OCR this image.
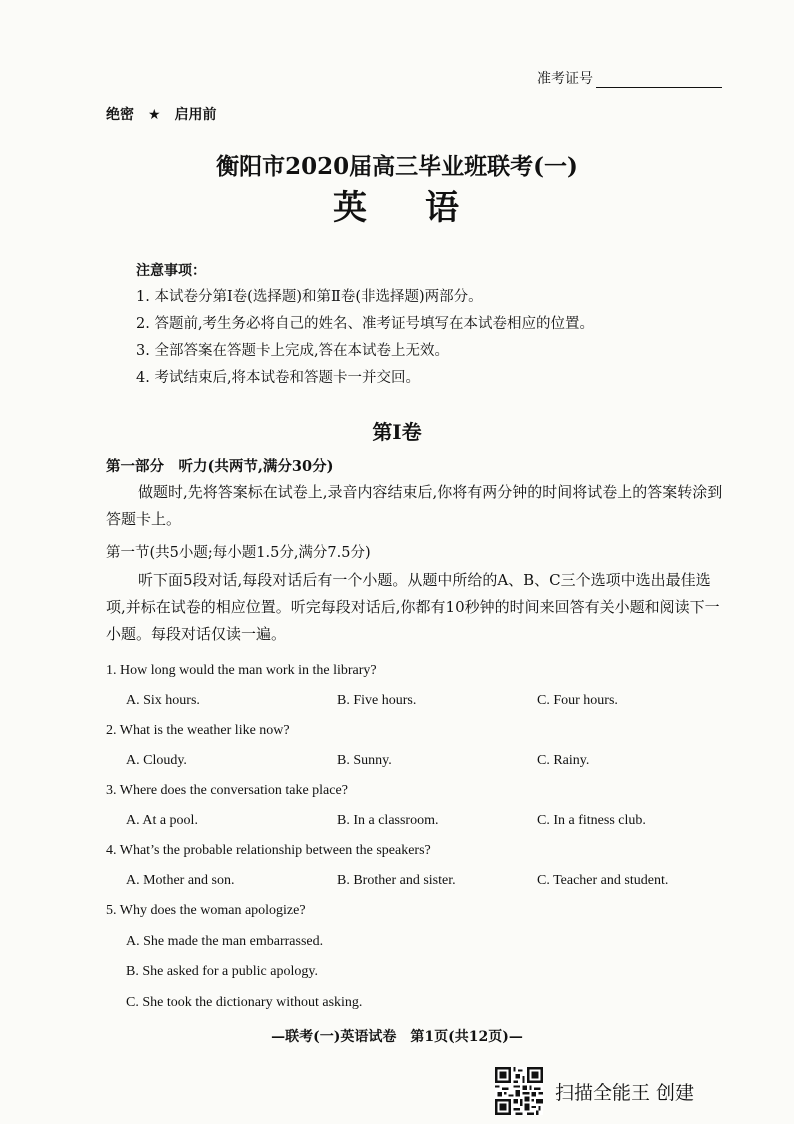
准考证号
绝密 ★ 启用前
衡阳市2020届高三毕业班联考(一)
英 语
注意事项：
1. 本试卷分第Ⅰ卷(选择题)和第Ⅱ卷(非选择题)两部分。
2. 答题前,考生务必将自己的姓名、准考证号填写在本试卷相应的位置。
3. 全部答案在答题卡上完成,答在本试卷上无效。
4. 考试结束后,将本试卷和答题卡一并交回。
第Ⅰ卷
第一部分　听力(共两节,满分30分)
做题时,先将答案标在试卷上,录音内容结束后,你将有两分钟的时间将试卷上的答案转涂到答题卡上。
第一节(共5小题;每小题1.5分,满分7.5分)
听下面5段对话,每段对话后有一个小题。从题中所给的A、B、C三个选项中选出最佳选项,并标在试卷的相应位置。听完每段对话后,你都有10秒钟的时间来回答有关小题和阅读下一小题。每段对话仅读一遍。
1. How long would the man work in the library?
A. Six hours.	B. Five hours.	C. Four hours.
2. What is the weather like now?
A. Cloudy.	B. Sunny.	C. Rainy.
3. Where does the conversation take place?
A. At a pool.	B. In a classroom.	C. In a fitness club.
4. What’s the probable relationship between the speakers?
A. Mother and son.	B. Brother and sister.	C. Teacher and student.
5. Why does the woman apologize?
A. She made the man embarrassed.
B. She asked for a public apology.
C. She took the dictionary without asking.
—联考(一)英语试卷　第1页(共12页)—
扫描全能王 创建
